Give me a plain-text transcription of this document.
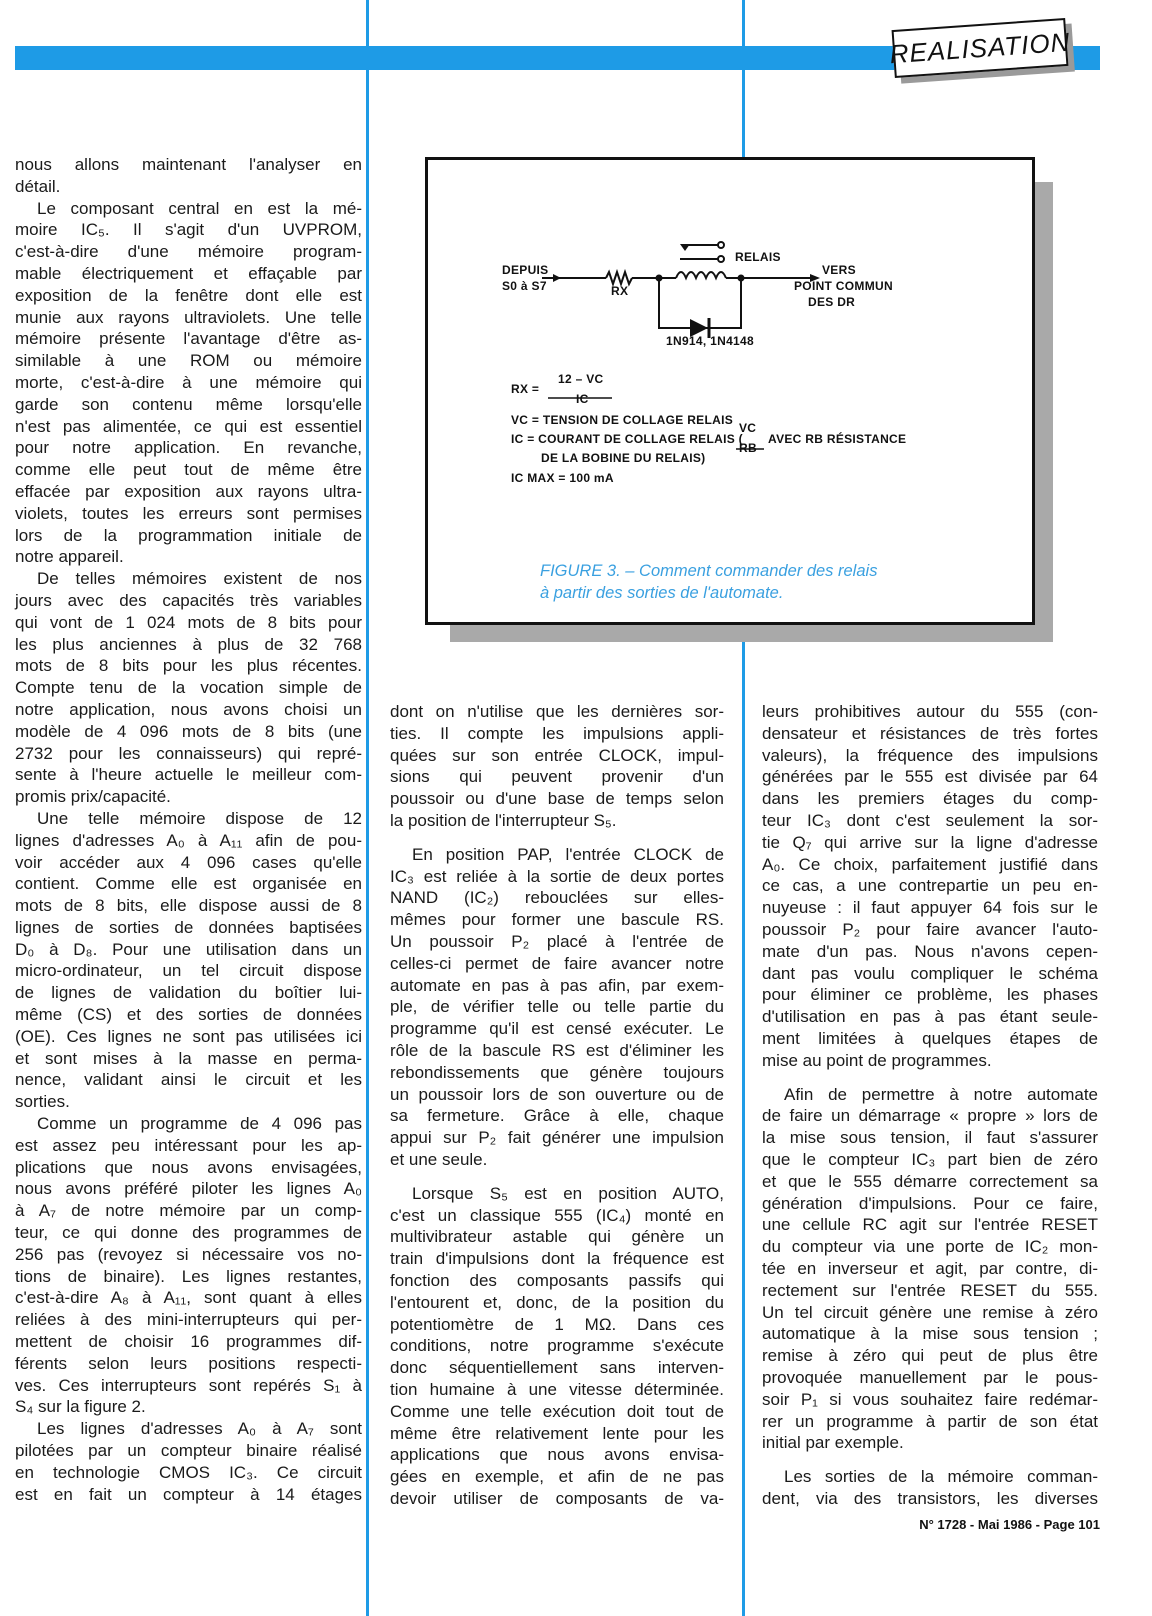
REALISATION
nous allons maintenant l'analyser en
détail.
Le composant central en est la mé-
moire IC₅. Il s'agit d'un UVPROM,
c'est-à-dire d'une mémoire program-
mable électriquement et effaçable par
exposition de la fenêtre dont elle est
munie aux rayons ultraviolets. Une telle
mémoire présente l'avantage d'être as-
similable à une ROM ou mémoire
morte, c'est-à-dire à une mémoire qui
garde son contenu même lorsqu'elle
n'est pas alimentée, ce qui est essentiel
pour notre application. En revanche,
comme elle peut tout de même être
effacée par exposition aux rayons ultra-
violets, toutes les erreurs sont permises
lors de la programmation initiale de
notre appareil.
De telles mémoires existent de nos
jours avec des capacités très variables
qui vont de 1 024 mots de 8 bits pour
les plus anciennes à plus de 32 768
mots de 8 bits pour les plus récentes.
Compte tenu de la vocation simple de
notre application, nous avons choisi un
modèle de 4 096 mots de 8 bits (une
2732 pour les connaisseurs) qui repré-
sente à l'heure actuelle le meilleur com-
promis prix/capacité.
Une telle mémoire dispose de 12
lignes d'adresses A₀ à A₁₁ afin de pou-
voir accéder aux 4 096 cases qu'elle
contient. Comme elle est organisée en
mots de 8 bits, elle dispose aussi de 8
lignes de sorties de données baptisées
D₀ à D₈. Pour une utilisation dans un
micro-ordinateur, un tel circuit dispose
de lignes de validation du boîtier lui-
même (CS) et des sorties de données
(OE). Ces lignes ne sont pas utilisées ici
et sont mises à la masse en perma-
nence, validant ainsi le circuit et les
sorties.
Comme un programme de 4 096 pas
est assez peu intéressant pour les ap-
plications que nous avons envisagées,
nous avons préféré piloter les lignes A₀
à A₇ de notre mémoire par un comp-
teur, ce qui donne des programmes de
256 pas (revoyez si nécessaire vos no-
tions de binaire). Les lignes restantes,
c'est-à-dire A₈ à A₁₁, sont quant à elles
reliées à des mini-interrupteurs qui per-
mettent de choisir 16 programmes dif-
férents selon leurs positions respecti-
ves. Ces interrupteurs sont repérés S₁ à
S₄ sur la figure 2.
Les lignes d'adresses A₀ à A₇ sont
pilotées par un compteur binaire réalisé
en technologie CMOS IC₃. Ce circuit
est en fait un compteur à 14 étages
DEPUIS
S0 à S7	RX
RELAIS
VERS
POINT COMMUN
DES DR
1N914, 1N4148
RX =
12 – VC
IC
VC = TENSION DE COLLAGE RELAIS
IC = COURANT DE COLLAGE RELAIS (
VC
RB
AVEC RB RÉSISTANCE
DE LA BOBINE DU RELAIS)
IC MAX = 100 mA
FIGURE 3. – Comment commander des relais
à partir des sorties de l'automate.
dont on n'utilise que les dernières sor-
ties. Il compte les impulsions appli-
quées sur son entrée CLOCK, impul-
sions qui peuvent provenir d'un
poussoir ou d'une base de temps selon
la position de l'interrupteur S₅.
En position PAP, l'entrée CLOCK de
IC₃ est reliée à la sortie de deux portes
NAND (IC₂) rebouclées sur elles-
mêmes pour former une bascule RS.
Un poussoir P₂ placé à l'entrée de
celles-ci permet de faire avancer notre
automate en pas à pas afin, par exem-
ple, de vérifier telle ou telle partie du
programme qu'il est censé exécuter. Le
rôle de la bascule RS est d'éliminer les
rebondissements que génère toujours
un poussoir lors de son ouverture ou de
sa fermeture. Grâce à elle, chaque
appui sur P₂ fait générer une impulsion
et une seule.
Lorsque S₅ est en position AUTO,
c'est un classique 555 (IC₄) monté en
multivibrateur astable qui génère un
train d'impulsions dont la fréquence est
fonction des composants passifs qui
l'entourent et, donc, de la position du
potentiomètre de 1 MΩ. Dans ces
conditions, notre programme s'exécute
donc séquentiellement sans interven-
tion humaine à une vitesse déterminée.
Comme une telle exécution doit tout de
même être relativement lente pour les
applications que nous avons envisa-
gées en exemple, et afin de ne pas
devoir utiliser de composants de va-
leurs prohibitives autour du 555 (con-
densateur et résistances de très fortes
valeurs), la fréquence des impulsions
générées par le 555 est divisée par 64
dans les premiers étages du comp-
teur IC₃ dont c'est seulement la sor-
tie Q₇ qui arrive sur la ligne d'adresse
A₀. Ce choix, parfaitement justifié dans
ce cas, a une contrepartie un peu en-
nuyeuse : il faut appuyer 64 fois sur le
poussoir P₂ pour faire avancer l'auto-
mate d'un pas. Nous n'avons cepen-
dant pas voulu compliquer le schéma
pour éliminer ce problème, les phases
d'utilisation en pas à pas étant seule-
ment limitées à quelques étapes de
mise au point de programmes.
Afin de permettre à notre automate
de faire un démarrage « propre » lors de
la mise sous tension, il faut s'assurer
que le compteur IC₃ part bien de zéro
et que le 555 démarre correctement sa
génération d'impulsions. Pour ce faire,
une cellule RC agit sur l'entrée RESET
du compteur via une porte de IC₂ mon-
tée en inverseur et agit, par contre, di-
rectement sur l'entrée RESET du 555.
Un tel circuit génère une remise à zéro
automatique à la mise sous tension ;
remise à zéro qui peut de plus être
provoquée manuellement par le pous-
soir P₁ si vous souhaitez faire redémar-
rer un programme à partir de son état
initial par exemple.
Les sorties de la mémoire comman-
dent, via des transistors, les diverses
N° 1728 - Mai 1986 - Page 101
